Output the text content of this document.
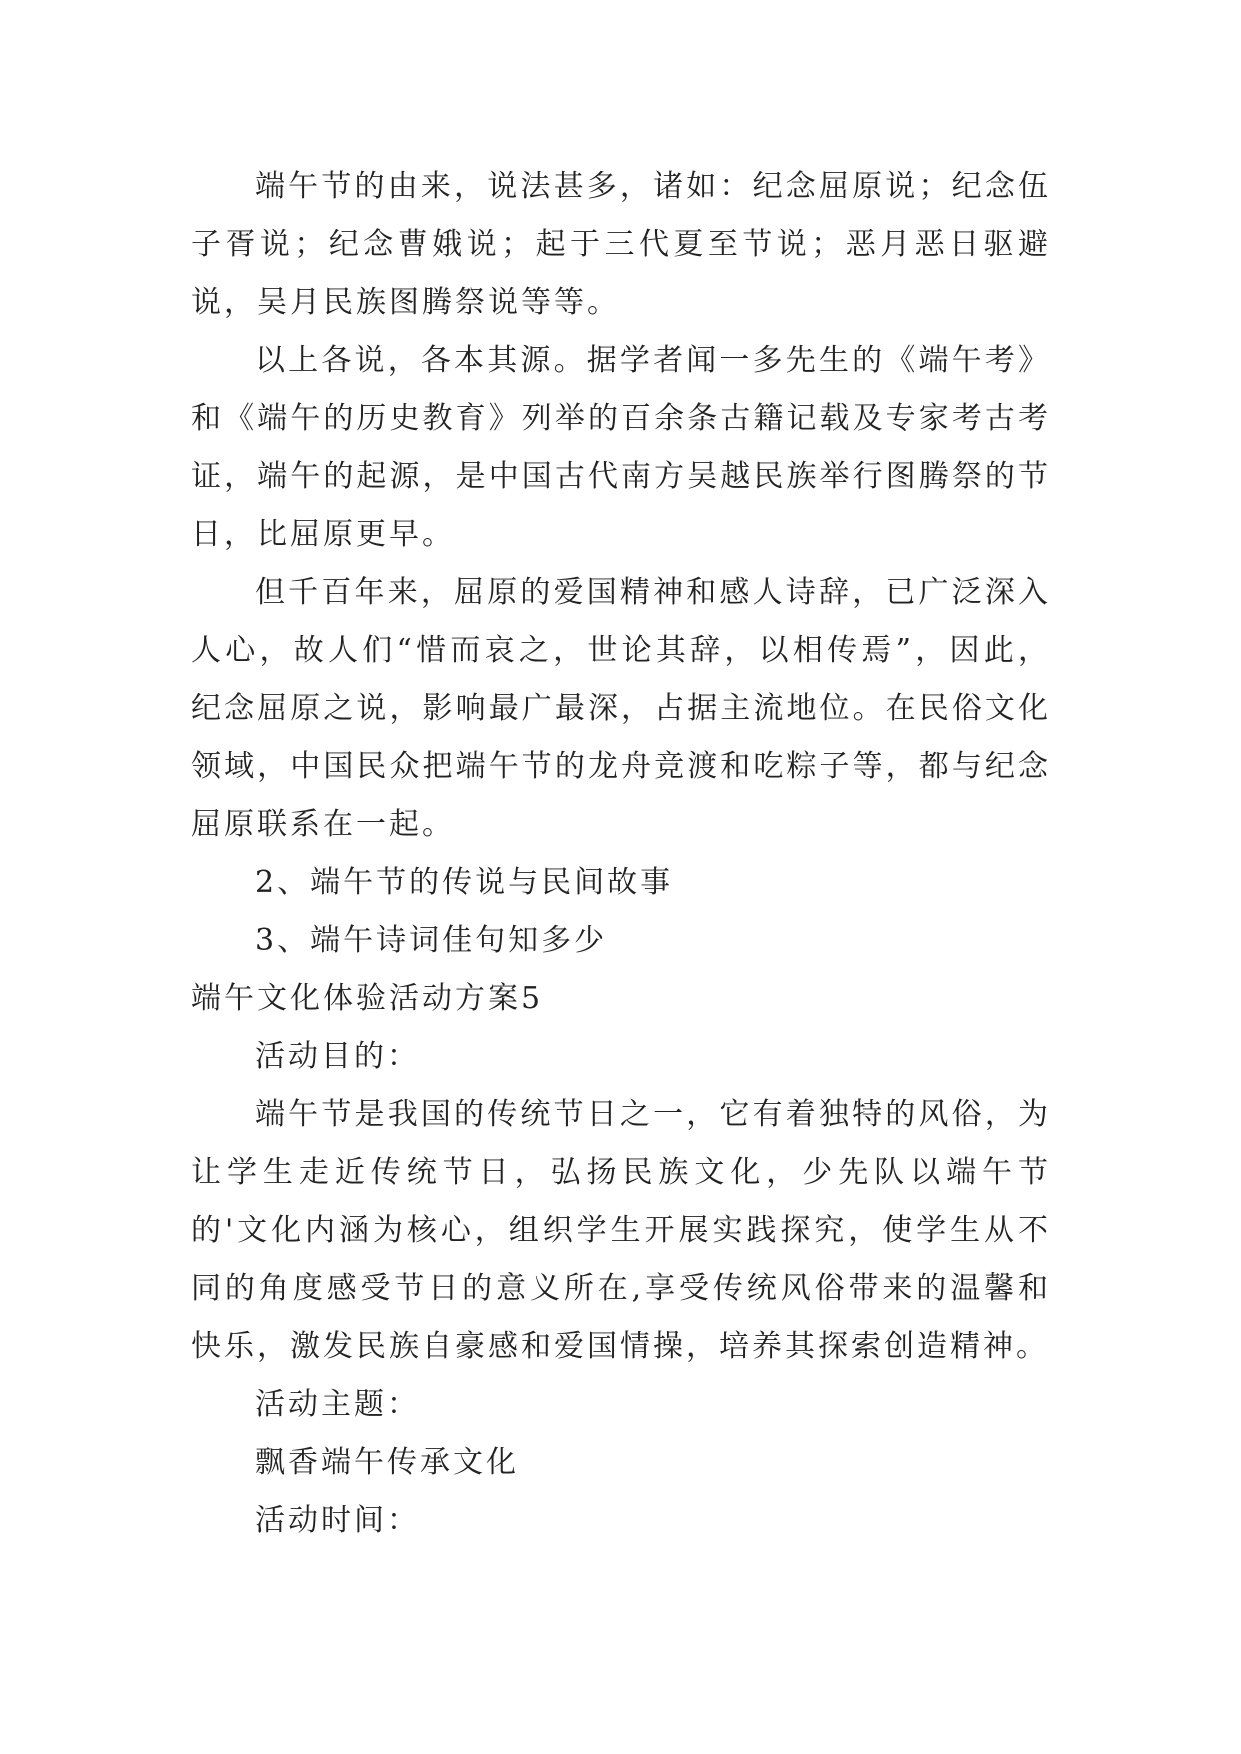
端午节的由来，说法甚多，诸如：纪念屈原说；纪念伍子胥说；纪念曹娥说；起于三代夏至节说；恶月恶日驱避说，吴月民族图腾祭说等等。

以上各说，各本其源。据学者闻一多先生的《端午考》和《端午的历史教育》列举的百余条古籍记载及专家考古考证，端午的起源，是中国古代南方吴越民族举行图腾祭的节日，比屈原更早。

但千百年来，屈原的爱国精神和感人诗辞，已广泛深入人心，故人们“惜而哀之，世论其辞，以相传焉”，因此，纪念屈原之说，影响最广最深，占据主流地位。在民俗文化领域，中国民众把端午节的龙舟竞渡和吃粽子等，都与纪念屈原联系在一起。

2、端午节的传说与民间故事

3、端午诗词佳句知多少

端午文化体验活动方案5

活动目的：

端午节是我国的传统节日之一，它有着独特的风俗，为让学生走近传统节日，弘扬民族文化，少先队以端午节的'文化内涵为核心，组织学生开展实践探究，使学生从不同的角度感受节日的意义所在,享受传统风俗带来的温馨和快乐，激发民族自豪感和爱国情操，培养其探索创造精神。

活动主题：

飘香端午传承文化

活动时间：
